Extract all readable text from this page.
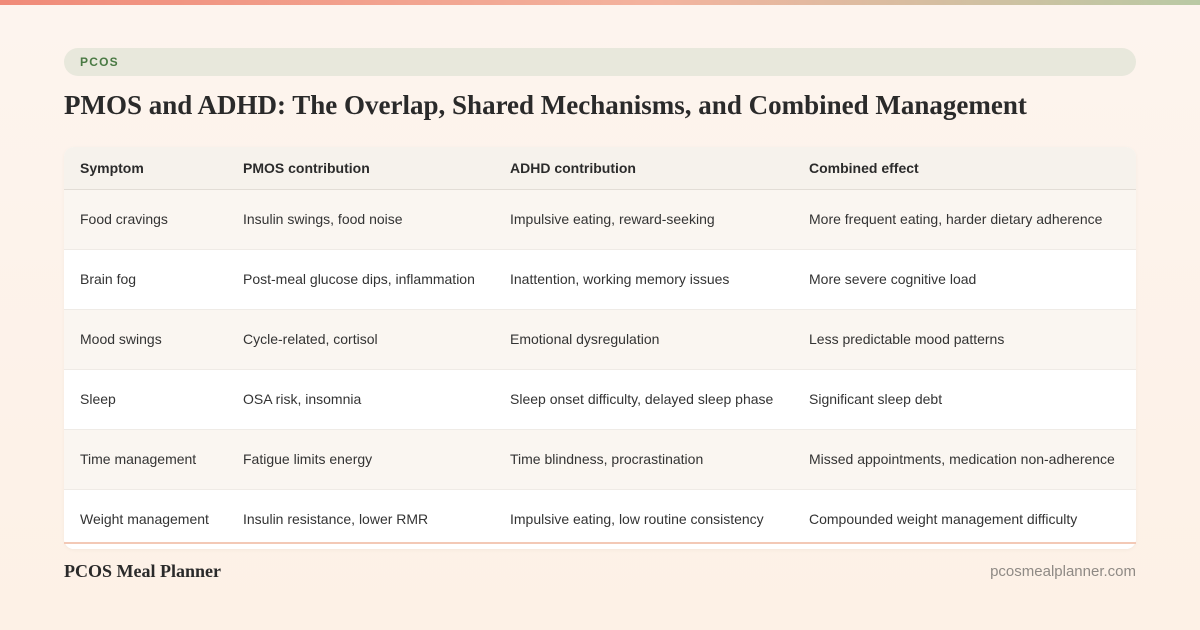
PCOS
PMOS and ADHD: The Overlap, Shared Mechanisms, and Combined Management
Symptom	PMOS contribution	ADHD contribution	Combined effect
Food cravings	Insulin swings, food noise	Impulsive eating, reward-seeking	More frequent eating, harder dietary adherence
Brain fog	Post-meal glucose dips, inflammation	Inattention, working memory issues	More severe cognitive load
Mood swings	Cycle-related, cortisol	Emotional dysregulation	Less predictable mood patterns
Sleep	OSA risk, insomnia	Sleep onset difficulty, delayed sleep phase	Significant sleep debt
Time management	Fatigue limits energy	Time blindness, procrastination	Missed appointments, medication non-adherence
Weight management	Insulin resistance, lower RMR	Impulsive eating, low routine consistency	Compounded weight management difficulty
PCOS Meal Planner	pcosmealplanner.com
